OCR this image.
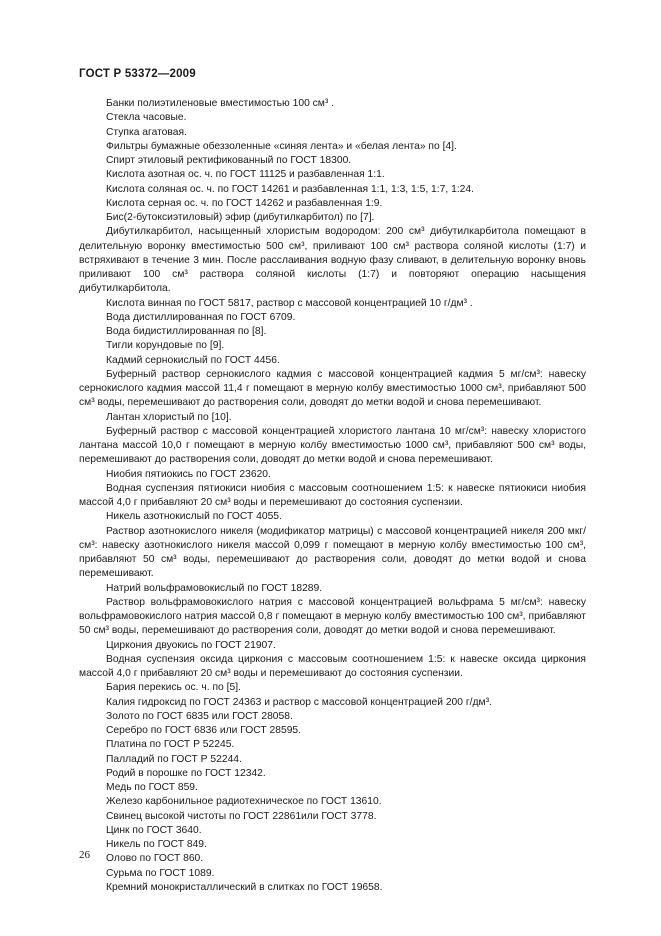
ГОСТ Р 53372—2009

Банки полиэтиленовые вместимостью 100 см³ .

Стекла часовые.

Ступка агатовая.

Фильтры бумажные обеззоленные «синяя лента» и «белая лента» по [4].

Спирт этиловый ректификованный по ГОСТ 18300.

Кислота азотная ос. ч. по ГОСТ 11125 и разбавленная 1:1.

Кислота соляная ос. ч. по ГОСТ 14261 и разбавленная 1:1, 1:3, 1:5, 1:7, 1:24.

Кислота серная ос. ч. по ГОСТ 14262 и разбавленная 1:9.

Бис(2-бутоксиэтиловый) эфир (дибутилкарбитол) по [7].

Дибутилкарбитол, насыщенный хлористым водородом: 200 см³ дибутилкарбитола помещают в делительную воронку вместимостью 500 см³, приливают 100 см³ раствора соляной кислоты (1:7) и встряхивают в течение 3 мин. После расслаивания водную фазу сливают, в делительную воронку вновь приливают 100 см³ раствора соляной кислоты (1:7) и повторяют операцию насыщения дибутилкарбитола.

Кислота винная по ГОСТ 5817, раствор с массовой концентрацией 10 г/дм³ .

Вода дистиллированная по ГОСТ 6709.

Вода бидистиллированная по [8].

Тигли корундовые по [9].

Кадмий сернокислый по ГОСТ 4456.

Буферный раствор сернокислого кадмия с массовой концентрацией кадмия 5 мг/см³: навеску сернокислого кадмия массой 11,4 г помещают в мерную колбу вместимостью 1000 см³, прибавляют 500 см³ воды, перемешивают до растворения соли, доводят до метки водой и снова перемешивают.

Лантан хлористый по [10].

Буферный раствор с массовой концентрацией хлористого лантана 10 мг/см³: навеску хлористого лантана массой 10,0 г помещают в мерную колбу вместимостью 1000 см³, прибавляют 500 см³ воды, перемешивают до растворения соли, доводят до метки водой и снова перемешивают.

Ниобия пятиокись по ГОСТ 23620.

Водная суспензия пятиокиси ниобия с массовым соотношением 1:5: к навеске пятиокиси ниобия массой 4,0 г прибавляют 20 см³ воды и перемешивают до состояния суспензии.

Никель азотнокислый по ГОСТ 4055.

Раствор азотнокислого никеля (модификатор матрицы) с массовой концентрацией никеля 200 мкг/см³: навеску азотнокислого никеля массой 0,099 г помещают в мерную колбу вместимостью 100 см³, прибавляют 50 см³ воды, перемешивают до растворения соли, доводят до метки водой и снова перемешивают.

Натрий вольфрамовокислый по ГОСТ 18289.

Раствор вольфрамовокислого натрия с массовой концентрацией вольфрама 5 мг/см³: навеску вольфрамовокислого натрия массой 0,8 г помещают в мерную колбу вместимостью 100 см³, прибавляют 50 см³ воды, перемешивают до растворения соли, доводят до метки водой и снова перемешивают.

Циркония двуокись по ГОСТ 21907.

Водная суспензия оксида циркония с массовым соотношением 1:5: к навеске оксида циркония массой 4,0 г прибавляют 20 см³ воды и перемешивают до состояния суспензии.

Бария перекись ос. ч. по [5].

Калия гидроксид по ГОСТ 24363 и раствор с массовой концентрацией 200 г/дм³.

Золото по ГОСТ 6835 или ГОСТ 28058.

Серебро по ГОСТ 6836 или ГОСТ 28595.

Платина по ГОСТ Р 52245.

Палладий по ГОСТ Р 52244.

Родий в порошке по ГОСТ 12342.

Медь по ГОСТ 859.

Железо карбонильное радиотехническое по ГОСТ 13610.

Свинец высокой чистоты по ГОСТ 22861или ГОСТ 3778.

Цинк по ГОСТ 3640.

Никель по ГОСТ 849.

Олово по ГОСТ 860.

Сурьма по ГОСТ 1089.

Кремний монокристаллический в слитках по ГОСТ 19658.

26
